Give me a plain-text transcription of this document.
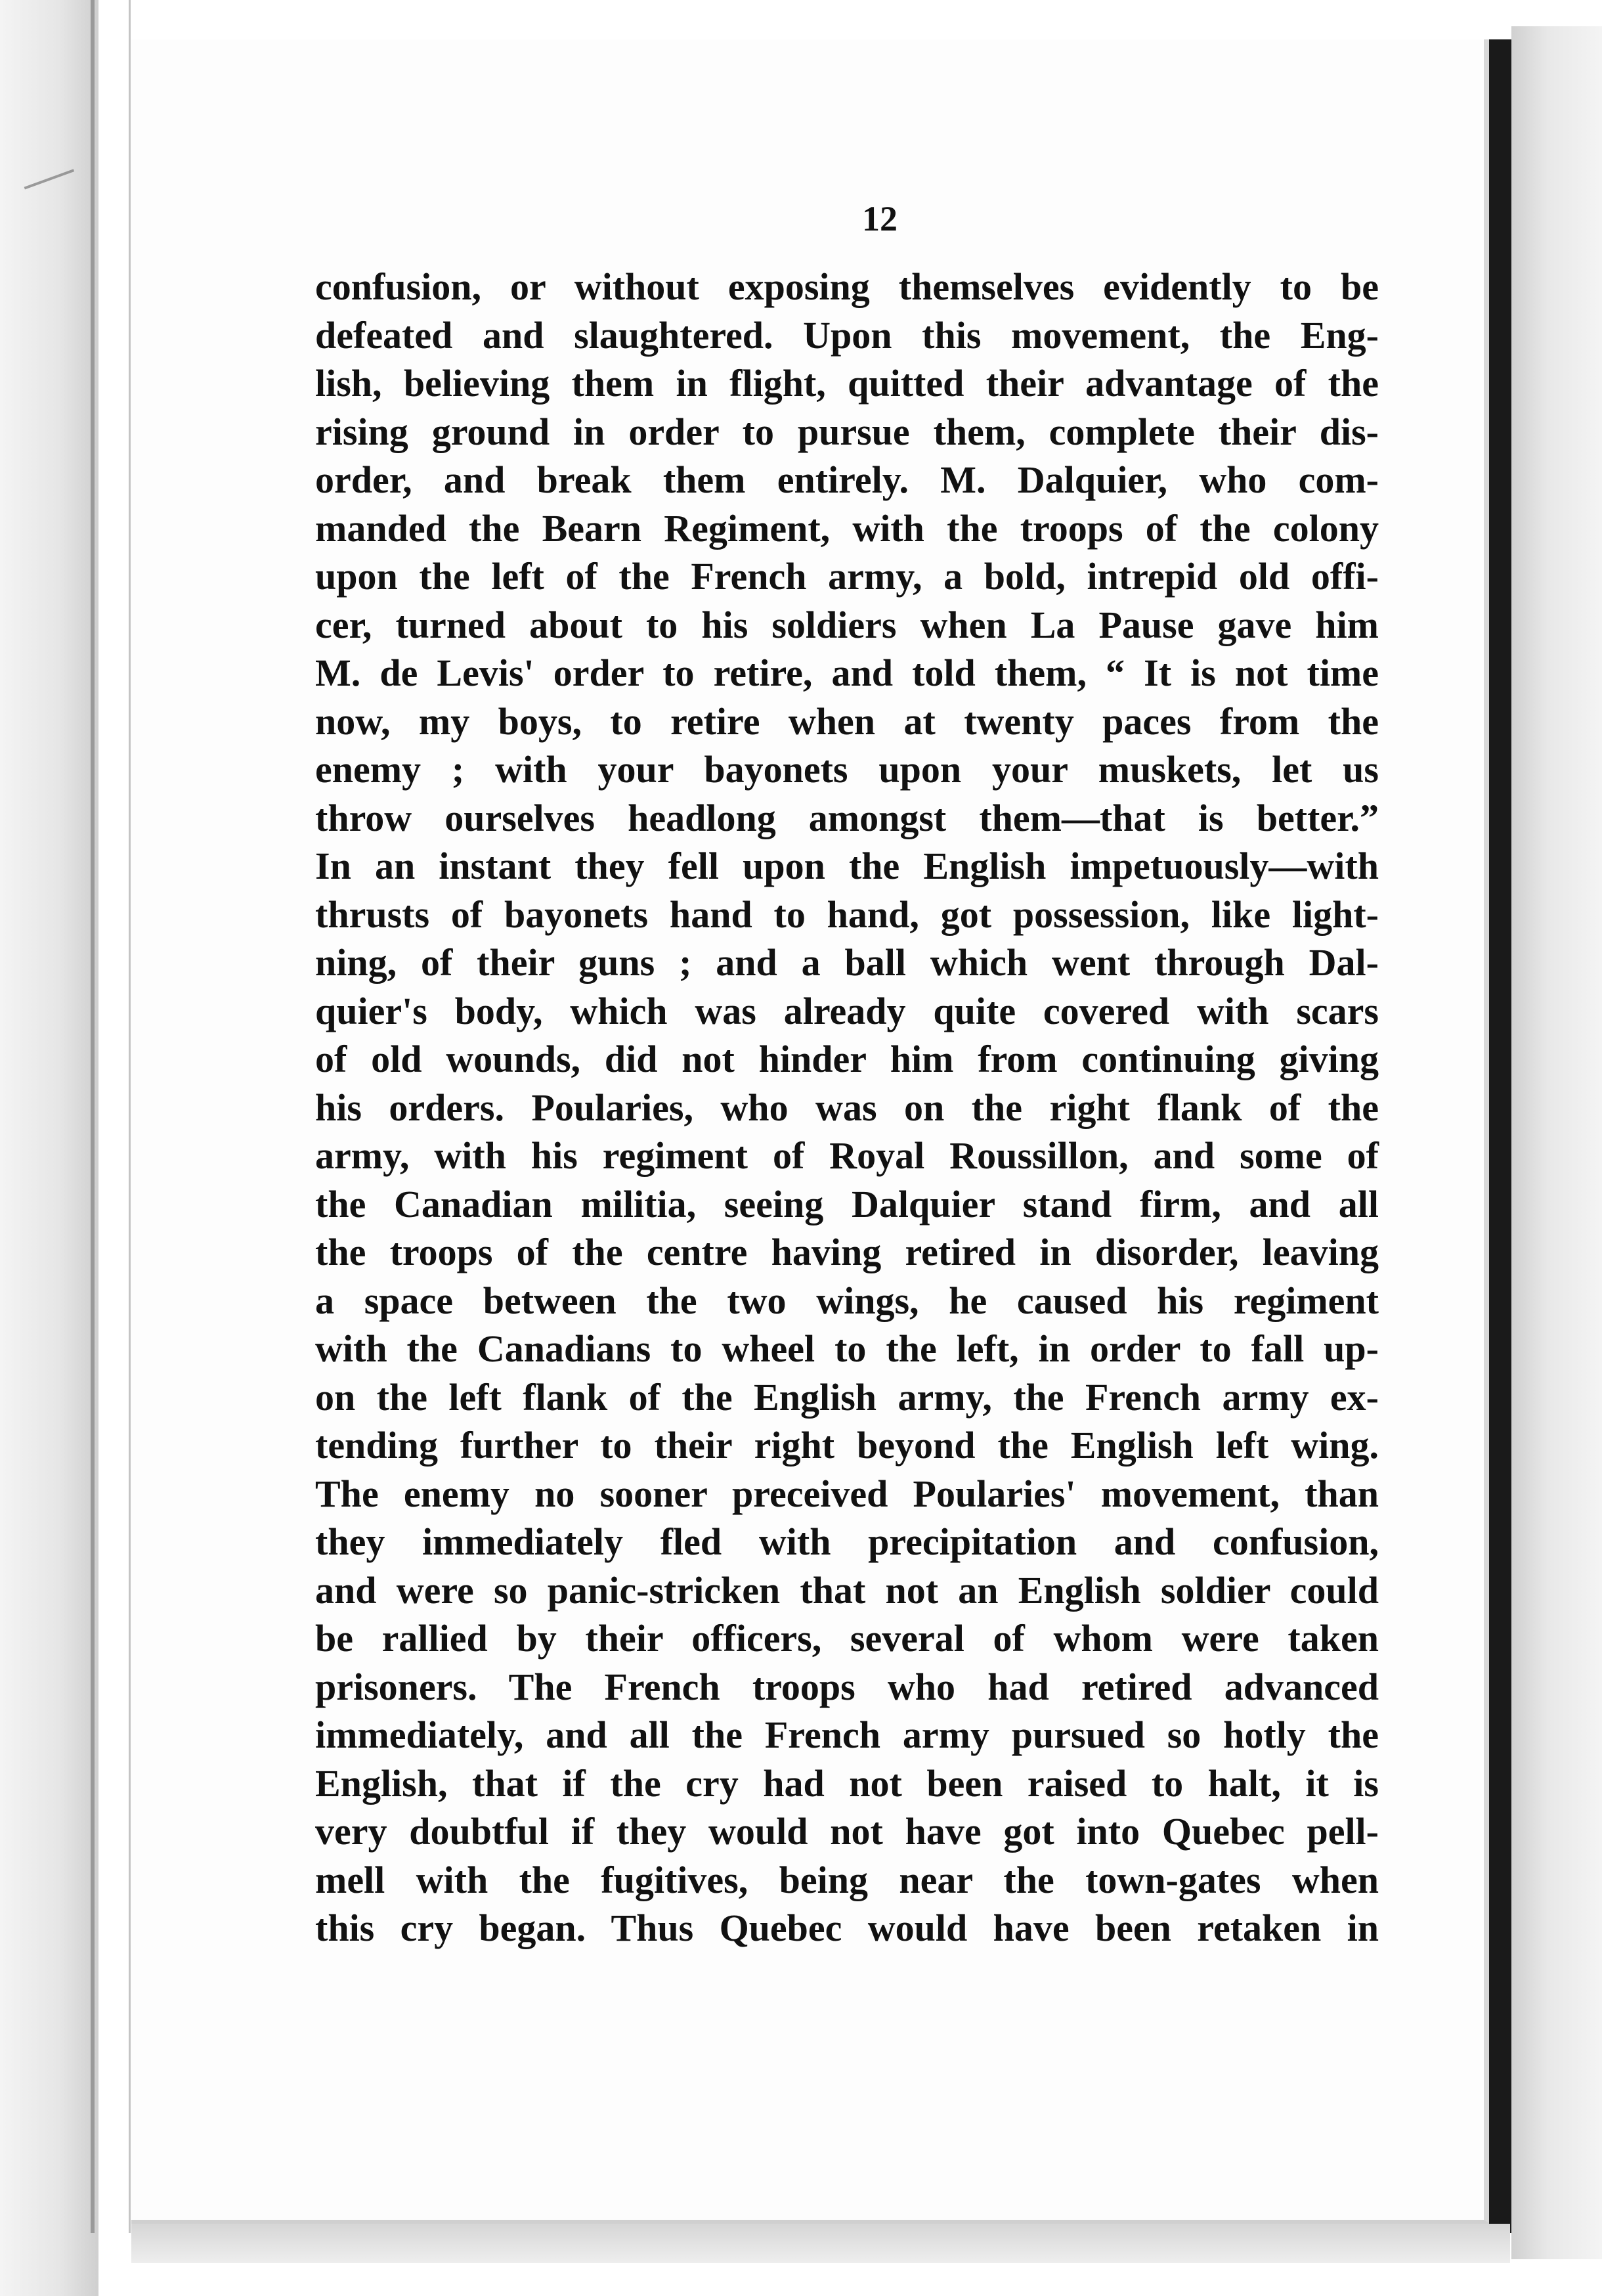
12

confusion, or without exposing themselves evidently to be
defeated and slaughtered. Upon this movement, the Eng-
lish, believing them in flight, quitted their advantage of the
rising ground in order to pursue them, complete their dis-
order, and break them entirely. M. Dalquier, who com-
manded the Bearn Regiment, with the troops of the colony
upon the left of the French army, a bold, intrepid old offi-
cer, turned about to his soldiers when La Pause gave him
M. de Levis' order to retire, and told them, “ It is not time
now, my boys, to retire when at twenty paces from the
enemy ; with your bayonets upon your muskets, let us
throw ourselves headlong amongst them—that is better.”
In an instant they fell upon the English impetuously—with
thrusts of bayonets hand to hand, got possession, like light-
ning, of their guns ; and a ball which went through Dal-
quier's body, which was already quite covered with scars
of old wounds, did not hinder him from continuing giving
his orders. Poularies, who was on the right flank of the
army, with his regiment of Royal Roussillon, and some of
the Canadian militia, seeing Dalquier stand firm, and all
the troops of the centre having retired in disorder, leaving
a space between the two wings, he caused his regiment
with the Canadians to wheel to the left, in order to fall up-
on the left flank of the English army, the French army ex-
tending further to their right beyond the English left wing.
The enemy no sooner preceived Poularies' movement, than
they immediately fled with precipitation and confusion,
and were so panic-stricken that not an English soldier could
be rallied by their officers, several of whom were taken
prisoners. The French troops who had retired advanced
immediately, and all the French army pursued so hotly the
English, that if the cry had not been raised to halt, it is
very doubtful if they would not have got into Quebec pell-
mell with the fugitives, being near the town-gates when
this cry began. Thus Quebec would have been retaken in
